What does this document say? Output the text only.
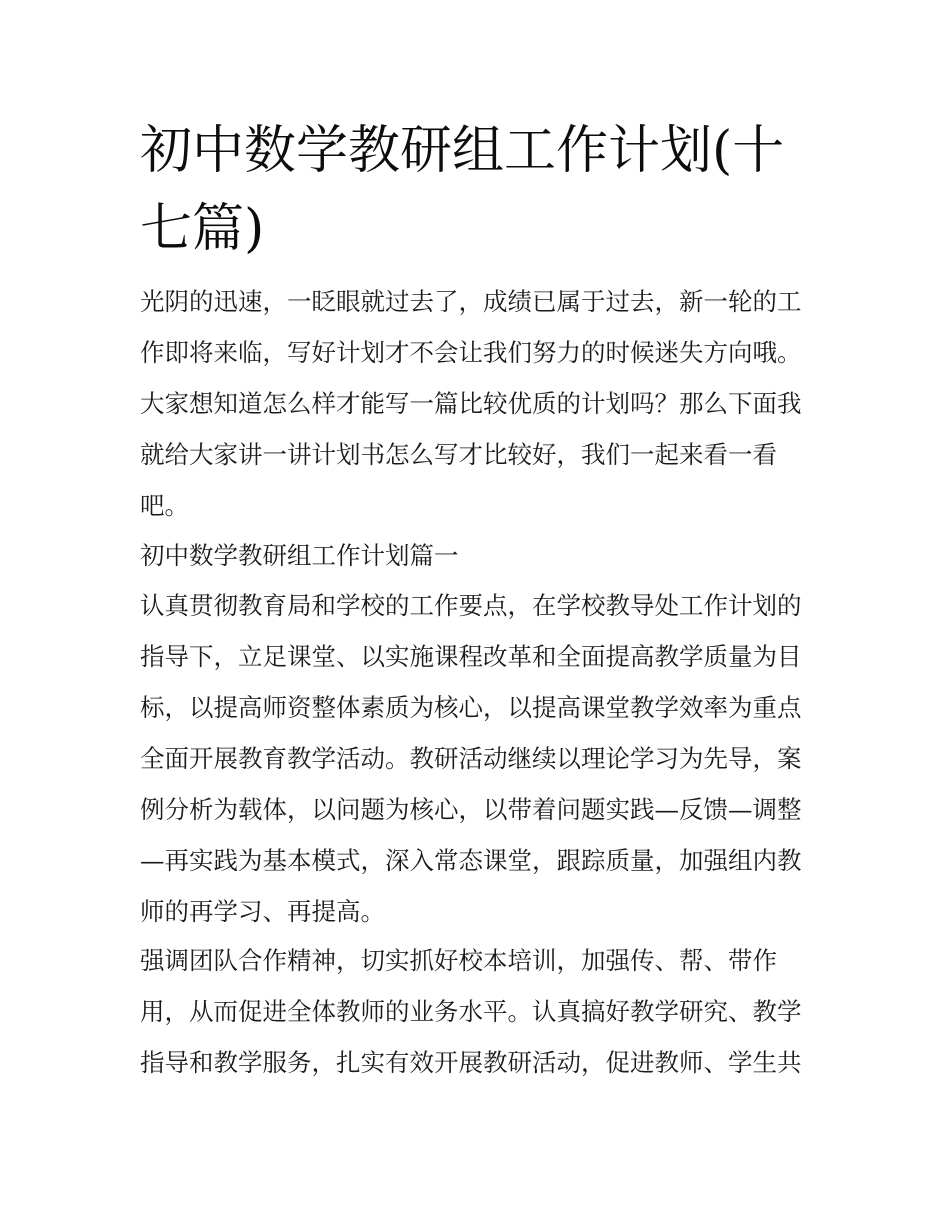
初中数学教研组工作计划(十七篇)

光阴的迅速，一眨眼就过去了，成绩已属于过去，新一轮的工作即将来临，写好计划才不会让我们努力的时候迷失方向哦。大家想知道怎么样才能写一篇比较优质的计划吗？那么下面我就给大家讲一讲计划书怎么写才比较好，我们一起来看一看吧。

初中数学教研组工作计划篇一

认真贯彻教育局和学校的工作要点，在学校教导处工作计划的指导下，立足课堂、以实施课程改革和全面提高教学质量为目标，以提高师资整体素质为核心，以提高课堂教学效率为重点全面开展教育教学活动。教研活动继续以理论学习为先导，案例分析为载体，以问题为核心，以带着问题实践—反馈—调整—再实践为基本模式，深入常态课堂，跟踪质量，加强组内教师的再学习、再提高。

强调团队合作精神，切实抓好校本培训，加强传、帮、带作用，从而促进全体教师的业务水平。认真搞好教学研究、教学指导和教学服务，扎实有效开展教研活动，促进教师、学生共
